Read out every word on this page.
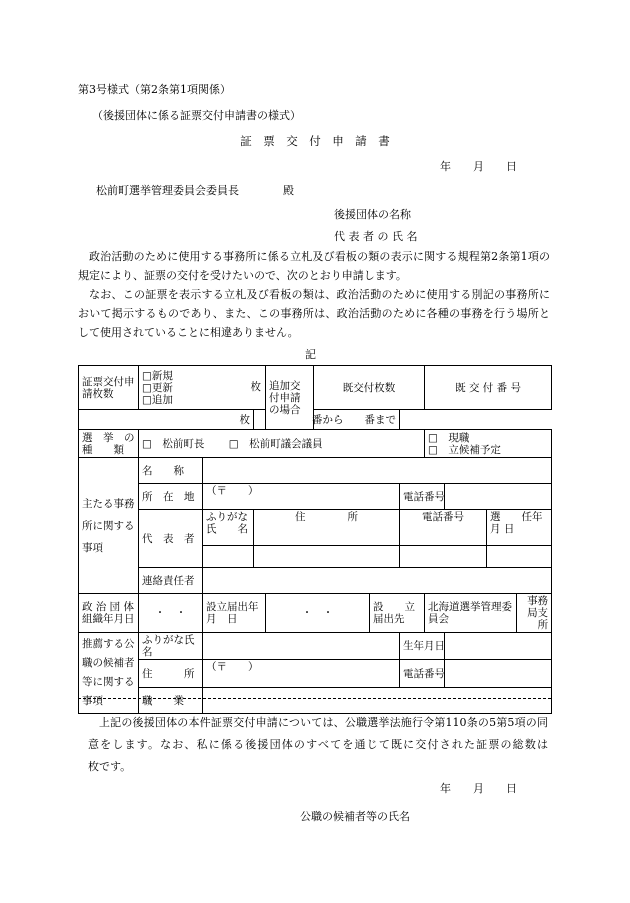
第3号様式（第2条第1項関係）
（後援団体に係る証票交付申請書の様式）
証　票　交　付　申　請　書
年　　月　　日
松前町選挙管理委員会委員長　　　　殿
後援団体の名称
代 表 者 の 氏 名

政治活動のために使用する事務所に係る立札及び看板の類の表示に関する規程第2条第1項の規定により、証票の交付を受けたいので、次のとおり申請します。

なお、この証票を表示する立札及び看板の類は、政治活動のために使用する別記の事務所において掲示するものであり、また、この事務所は、政治活動のために各種の事務を行う場所として使用されていることに相違ありません。

記
証票交付申請枚数	□新規
□更新
□追加
枚			追加交付申請の場合	既交付枚数			既 交 付 番 号			
枚			番から　　 番まで								
選　挙　の種　　類	□　松前町長　　 □　松前町議会議員							□　現職
□　立候補予定			

主たる事務所に関する事項	名　　称										
	所　在　地	（〒　　）					電話番号				
	代　表　者	ふりがな氏　　名	住　　　　所				電話番号			選　　任年 月 日	

	連絡責任者										
政 治 団 体組織年月日	・　・	設立届出年　月　日		・　・		設　　立届出先		北海道選挙管理委員会			事務局支所
推薦する公職の候補者等に関する事項	ふりがな氏　　名						生年月日				
	住　　　所	（〒　　）					電話番号				
	職　　業										

上記の後援団体の本件証票交付申請については、公職選挙法施行令第110条の5第5項の同意をします。なお、私に係る後援団体のすべてを通じて既に交付された証票の総数は　　　枚です。

年　　月　　日
公職の候補者等の氏名
